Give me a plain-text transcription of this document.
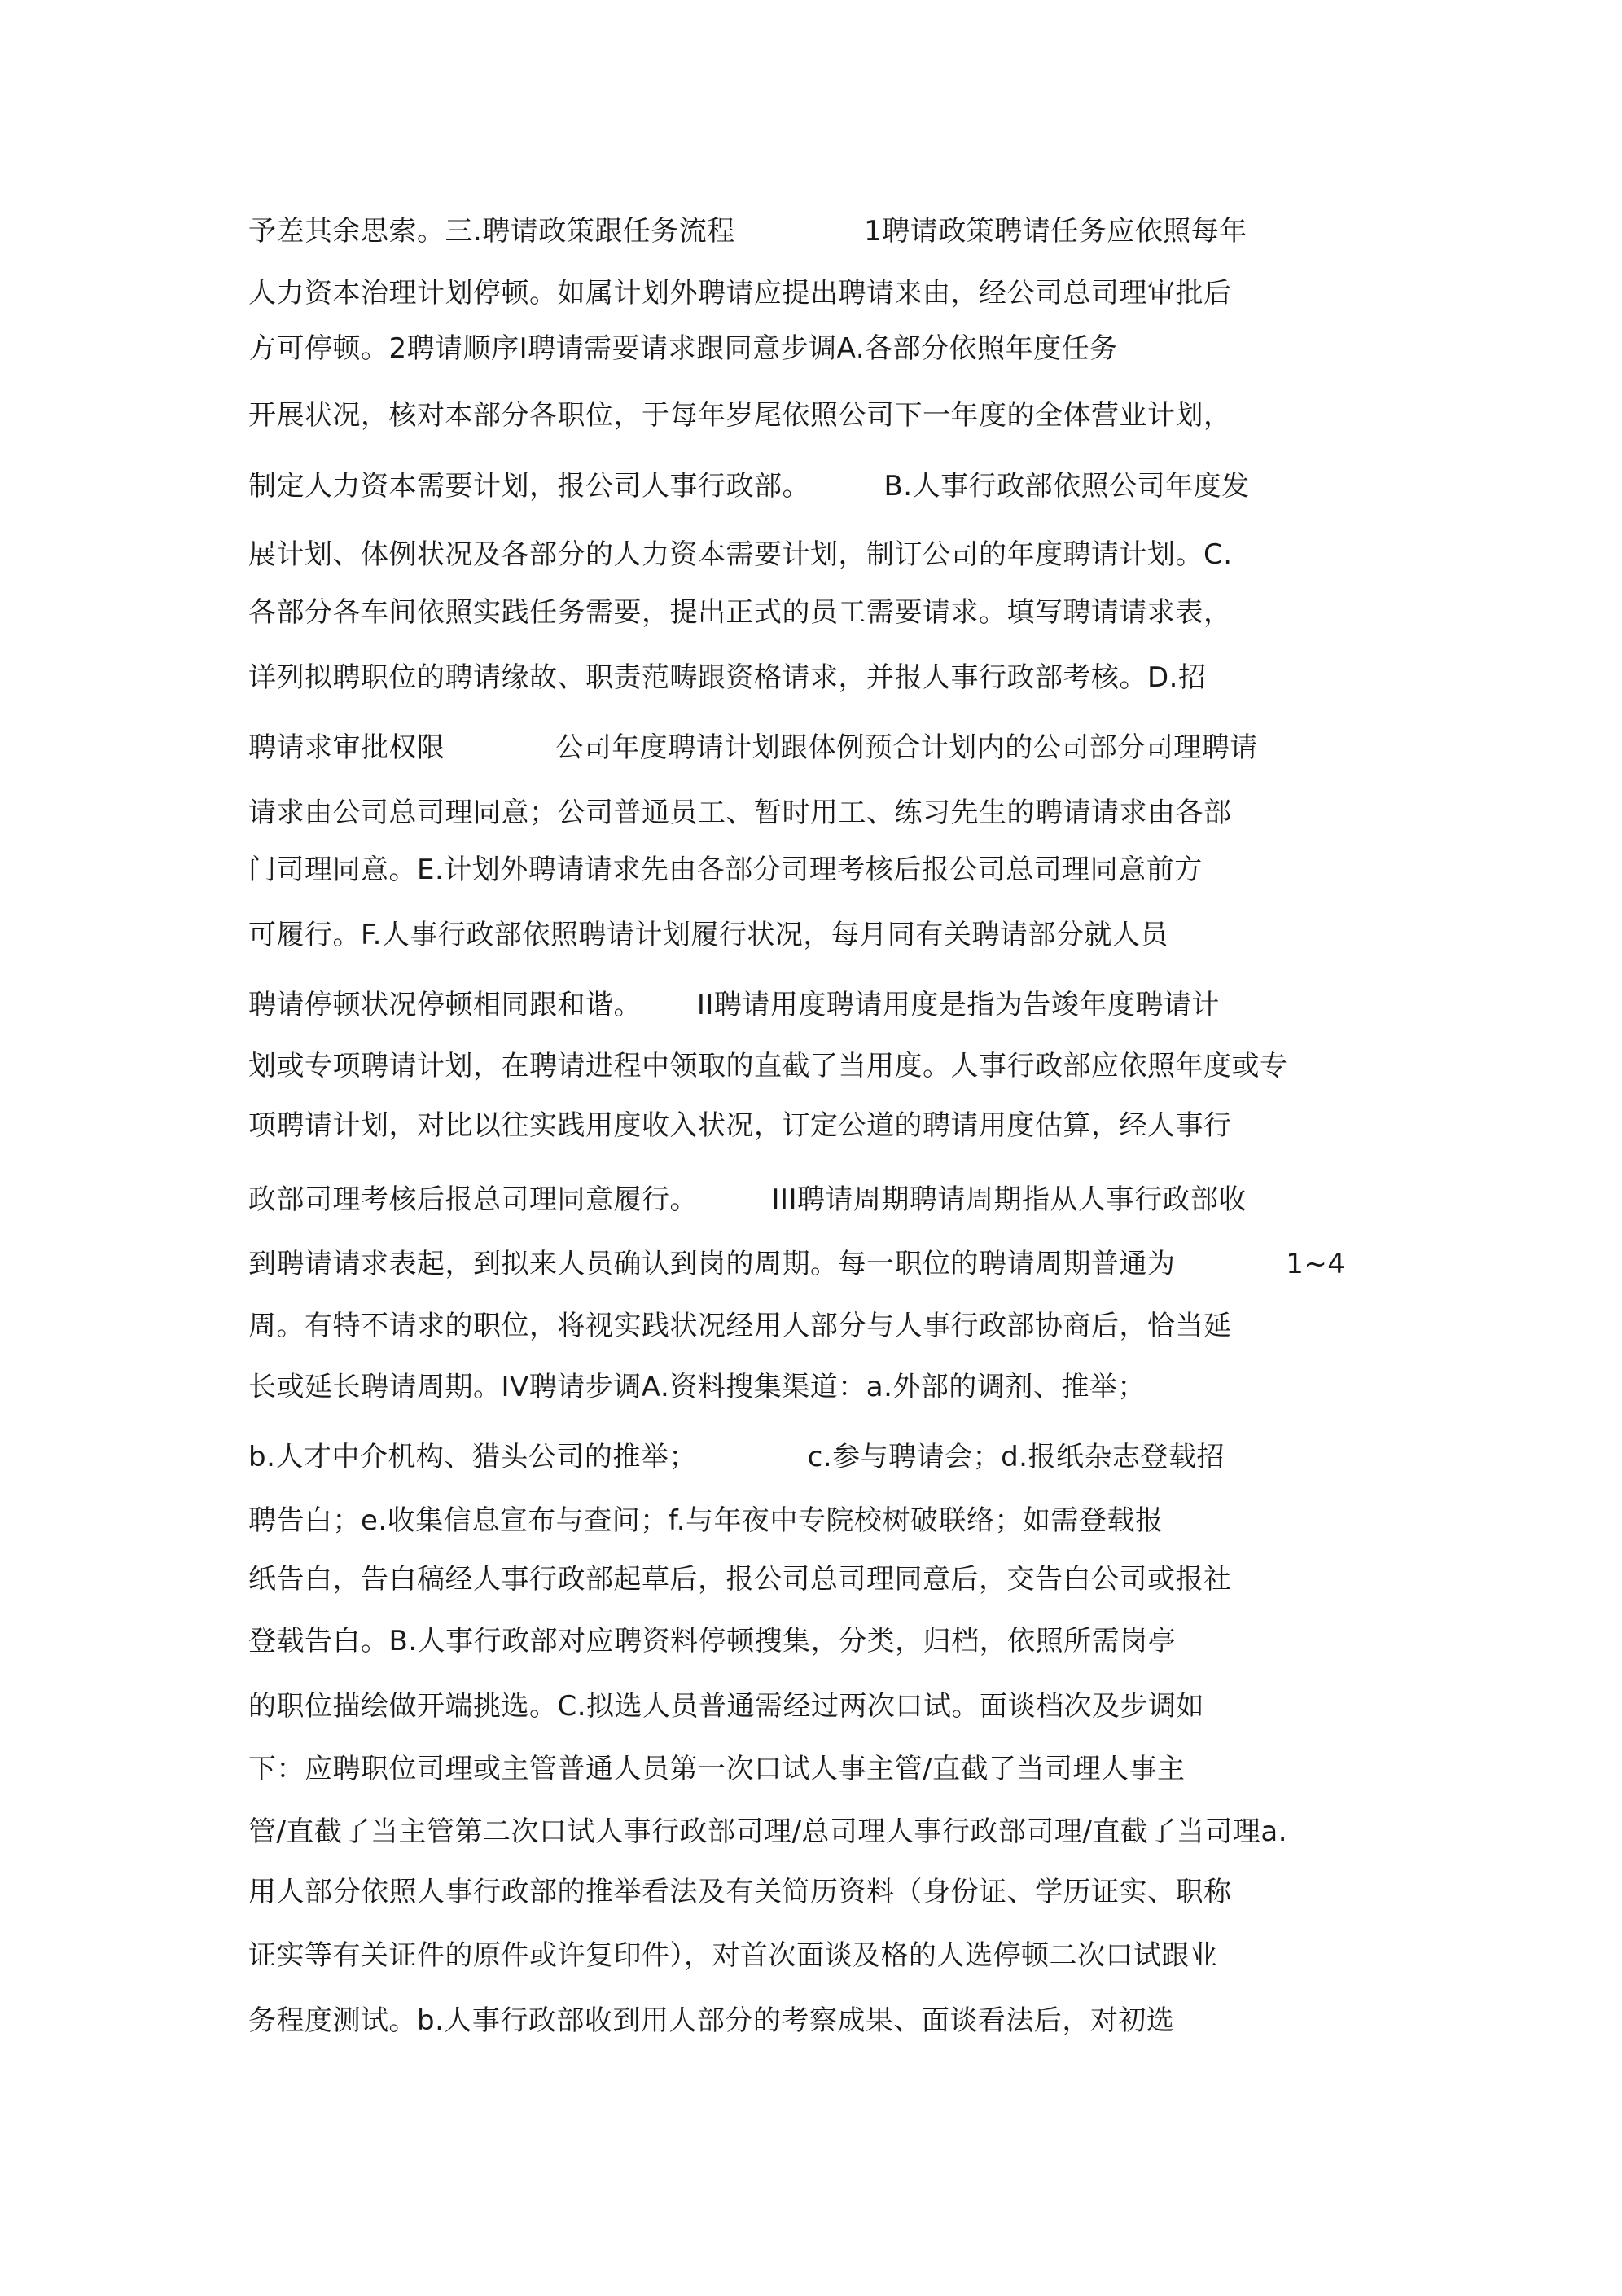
予差其余思索。三.聘请政策跟任务流程              1聘请政策聘请任务应依照每年

人力资本治理计划停顿。如属计划外聘请应提出聘请来由，经公司总司理审批后

方可停顿。2聘请顺序I聘请需要请求跟同意步调A.各部分依照年度任务

开展状况，核对本部分各职位，于每年岁尾依照公司下一年度的全体营业计划，

制定人力资本需要计划，报公司人事行政部。        B.人事行政部依照公司年度发

展计划、体例状况及各部分的人力资本需要计划，制订公司的年度聘请计划。C.

各部分各车间依照实践任务需要，提出正式的员工需要请求。填写聘请请求表，

详列拟聘职位的聘请缘故、职责范畴跟资格请求，并报人事行政部考核。D.招

聘请求审批权限            公司年度聘请计划跟体例预合计划内的公司部分司理聘请

请求由公司总司理同意；公司普通员工、暂时用工、练习先生的聘请请求由各部

门司理同意。E.计划外聘请请求先由各部分司理考核后报公司总司理同意前方

可履行。F.人事行政部依照聘请计划履行状况，每月同有关聘请部分就人员

聘请停顿状况停顿相同跟和谐。      II聘请用度聘请用度是指为告竣年度聘请计

划或专项聘请计划，在聘请进程中领取的直截了当用度。人事行政部应依照年度或专

项聘请计划，对比以往实践用度收入状况，订定公道的聘请用度估算，经人事行

政部司理考核后报总司理同意履行。        III聘请周期聘请周期指从人事行政部收

到聘请请求表起，到拟来人员确认到岗的周期。每一职位的聘请周期普通为            1~4

周。有特不请求的职位，将视实践状况经用人部分与人事行政部协商后，恰当延

长或延长聘请周期。IV聘请步调A.资料搜集渠道：a.外部的调剂、推举；

b.人才中介机构、猎头公司的推举；            c.参与聘请会；d.报纸杂志登载招

聘告白；e.收集信息宣布与查问；f.与年夜中专院校树破联络；如需登载报

纸告白，告白稿经人事行政部起草后，报公司总司理同意后，交告白公司或报社

登载告白。B.人事行政部对应聘资料停顿搜集，分类，归档，依照所需岗亭

的职位描绘做开端挑选。C.拟选人员普通需经过两次口试。面谈档次及步调如

下：应聘职位司理或主管普通人员第一次口试人事主管/直截了当司理人事主

管/直截了当主管第二次口试人事行政部司理/总司理人事行政部司理/直截了当司理a.

用人部分依照人事行政部的推举看法及有关简历资料（身份证、学历证实、职称

证实等有关证件的原件或许复印件），对首次面谈及格的人选停顿二次口试跟业

务程度测试。b.人事行政部收到用人部分的考察成果、面谈看法后，对初选
